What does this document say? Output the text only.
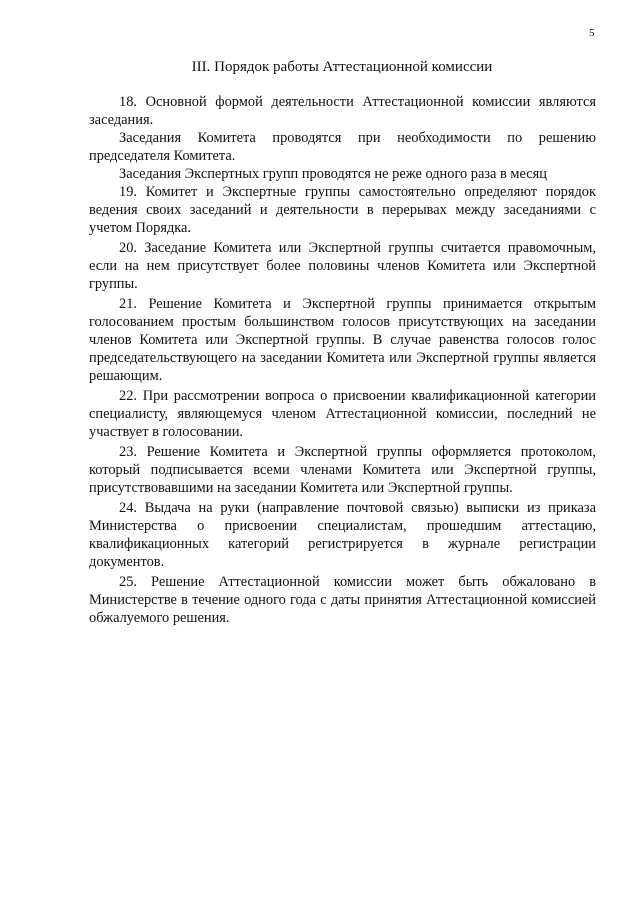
5
III. Порядок работы Аттестационной комиссии

18. Основной формой деятельности Аттестационной комиссии являются заседания.

Заседания Комитета проводятся при необходимости по решению председателя Комитета.

Заседания Экспертных групп проводятся не реже одного раза в месяц

19. Комитет и Экспертные группы самостоятельно определяют порядок ведения своих заседаний и деятельности в перерывах между заседаниями с учетом Порядка.

20. Заседание Комитета или Экспертной группы считается правомочным, если на нем присутствует более половины членов Комитета или Экспертной группы.

21. Решение Комитета и Экспертной группы принимается открытым голосованием простым большинством голосов присутствующих на заседании членов Комитета или Экспертной группы. В случае равенства голосов голос председательствующего на заседании Комитета или Экспертной группы является решающим.

22. При рассмотрении вопроса о присвоении квалификационной категории специалисту, являющемуся членом Аттестационной комиссии, последний не участвует в голосовании.

23. Решение Комитета и Экспертной группы оформляется протоколом, который подписывается всеми членами Комитета или Экспертной группы, присутствовавшими на заседании Комитета или Экспертной группы.

24. Выдача на руки (направление почтовой связью) выписки из приказа Министерства о присвоении специалистам, прошедшим аттестацию, квалификационных категорий регистрируется в журнале регистрации документов.

25. Решение Аттестационной комиссии может быть обжаловано в Министерстве в течение одного года с даты принятия Аттестационной комиссией обжалуемого решения.
